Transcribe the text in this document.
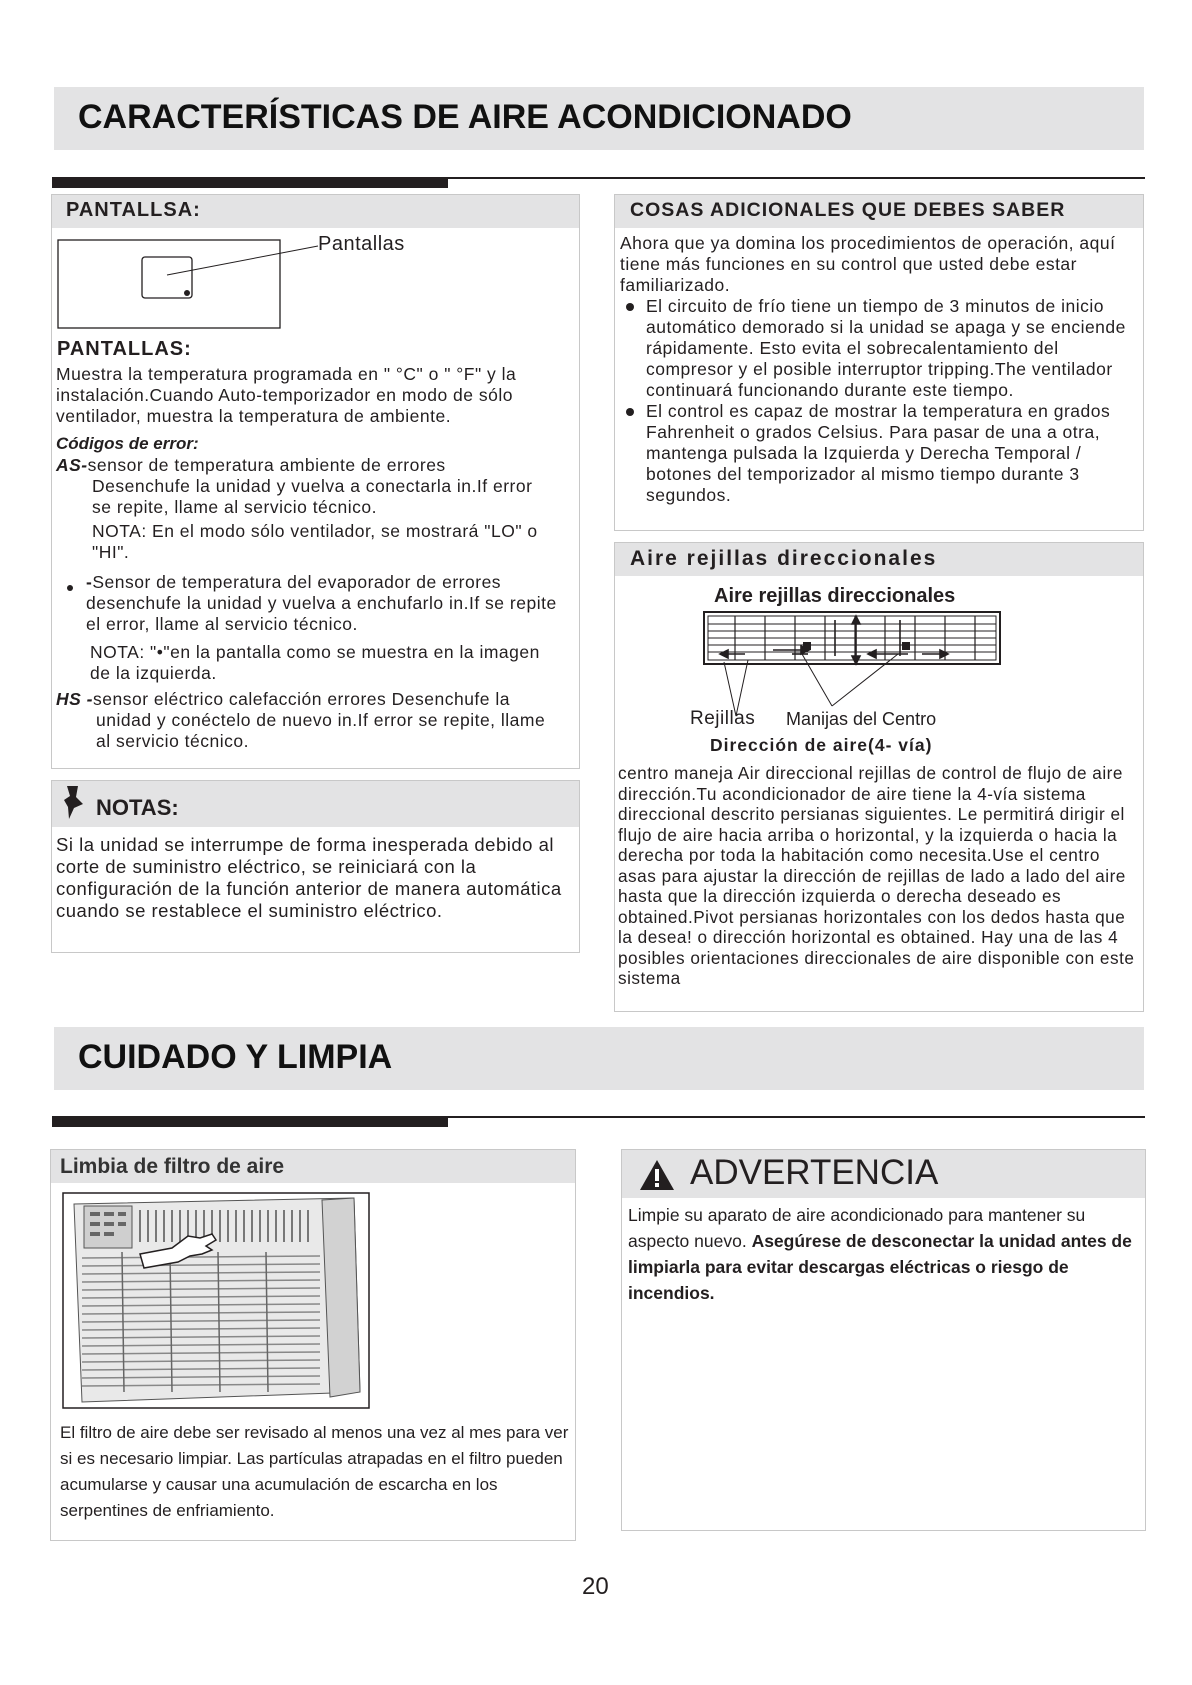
CARACTERÍSTICAS DE AIRE ACONDICIONADO
PANTALLSA:
Pantallas
PANTALLAS:
Muestra la temperatura programada en " °C" o " °F" y la instalación.Cuando Auto-temporizador en modo de sólo ventilador, muestra la temperatura de ambiente.
Códigos de error:
AS-sensor de temperatura ambiente de errores
Desenchufe la unidad y vuelva a conectarla in.If error se repite, llame al servicio técnico.
NOTA: En el modo sólo ventilador, se mostrará "LO" o "HI".
-Sensor de temperatura del evaporador de errores desenchufe la unidad y vuelva a enchufarlo in.If se repite el error, llame al servicio técnico.
NOTA: "•"en la pantalla como se muestra en la imagen de la izquierda.
HS -sensor eléctrico calefacción errores Desenchufe la
unidad y conéctelo de nuevo in.If error se repite, llame al servicio técnico.
NOTAS:
Si la unidad se interrumpe de forma inesperada debido al corte de suministro eléctrico, se reiniciará con la configuración de la función anterior de manera automática cuando se restablece el suministro eléctrico.
COSAS ADICIONALES QUE DEBES SABER

Ahora que ya domina los procedimientos de operación, aquí tiene más funciones en su control que usted debe estar familiarizado.

El circuito de frío tiene un tiempo de 3 minutos de inicio automático demorado si la unidad se apaga y se enciende rápidamente. Esto evita el sobrecalentamiento del compresor y el posible interruptor tripping.The ventilador continuará funcionando durante este tiempo.

El control es capaz de mostrar la temperatura en grados Fahrenheit o grados Celsius. Para pasar de una a otra, mantenga pulsada la Izquierda y Derecha Temporal / botones del temporizador al mismo tiempo durante 3 segundos.

Aire rejillas direccionales
Aire rejillas direccionales
Rejillas Manijas del Centro
Dirección de aire(4- vía)
centro maneja Air direccional rejillas de control de flujo de aire dirección.Tu acondicionador de aire tiene la 4-vía sistema direccional descrito persianas siguientes. Le permitirá dirigir el flujo de aire hacia arriba o horizontal, y la izquierda o hacia la derecha por toda la habitación como necesita.Use el centro asas para ajustar la dirección de rejillas de lado a lado del aire hasta que la dirección izquierda o derecha deseado es obtained.Pivot persianas horizontales con los dedos hasta que la desea! o dirección horizontal es obtained. Hay una de las 4 posibles orientaciones direccionales de aire disponible con este sistema
CUIDADO Y LIMPIA
Limbia de filtro de aire
El filtro de aire debe ser revisado al menos una vez al mes para ver si es necesario limpiar. Las partículas atrapadas en el filtro pueden acumularse y causar una acumulación de escarcha en los serpentines de enfriamiento.
ADVERTENCIA
Limpie su aparato de aire acondicionado para mantener su aspecto nuevo. Asegúrese de desconectar la unidad antes de limpiarla para evitar descargas eléctricas o riesgo de incendios.
20
